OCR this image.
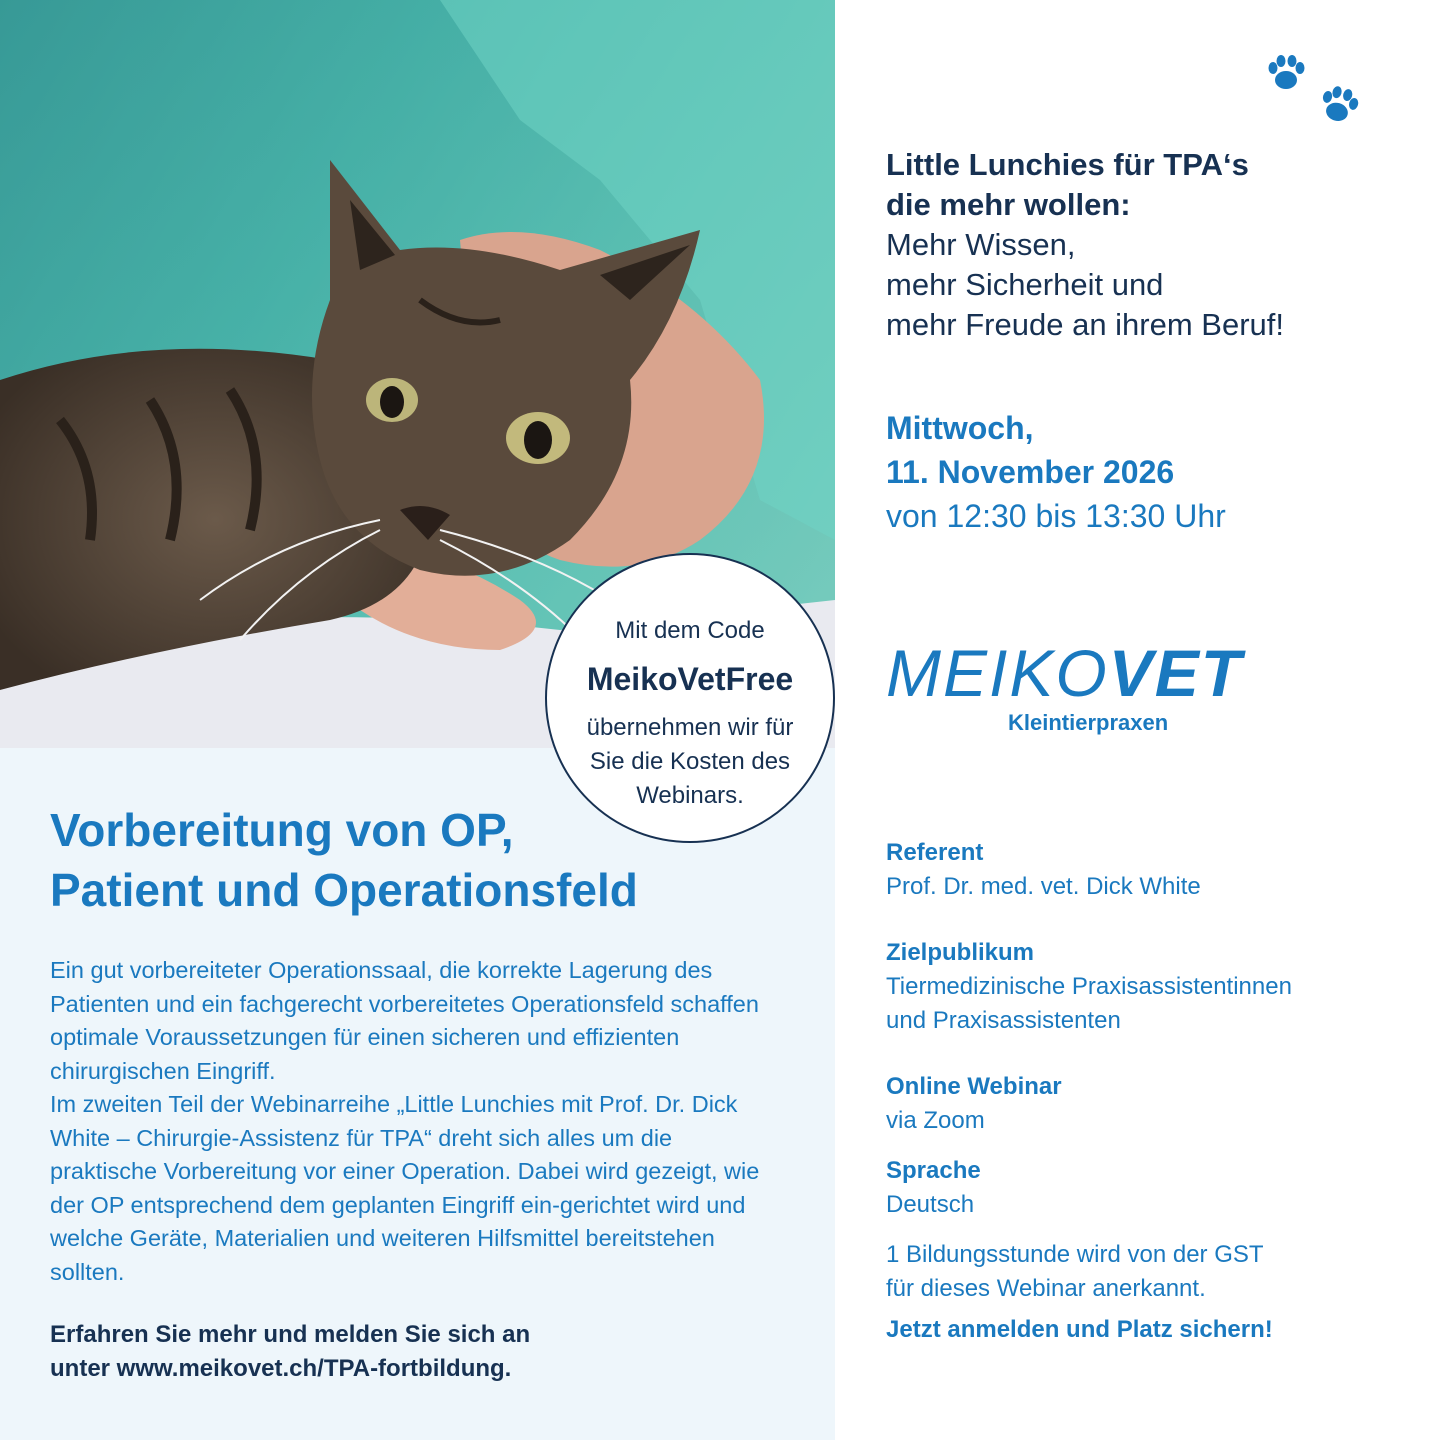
Vorbereitung von OP,
Patient und Operationsfeld
Ein gut vorbereiteter Operationssaal, die korrekte Lagerung des Patienten und ein fachgerecht vorbereitetes Operationsfeld schaffen optimale Voraussetzungen für einen sicheren und effizienten chirurgischen Eingriff.
Im zweiten Teil der Webinarreihe „Little Lunchies mit Prof. Dr. Dick White – Chirurgie-Assistenz für TPA“ dreht sich alles um die praktische Vorbereitung vor einer Operation. Dabei wird gezeigt, wie der OP entsprechend dem geplanten Eingriff ein-gerichtet wird und welche Geräte, Materialien und weiteren Hilfsmittel bereitstehen sollten.
Erfahren Sie mehr und melden Sie sich an
unter www.meikovet.ch/TPA-fortbildung.
Mit dem Code
MeikoVetFree
übernehmen wir für Sie die Kosten des Webinars.
Little Lunchies für TPA‘s
die mehr wollen:
Mehr Wissen,
mehr Sicherheit und
mehr Freude an ihrem Beruf!
Mittwoch,
11. November 2026
von 12:30 bis 13:30 Uhr
MEIKOVET
Kleintierpraxen
Referent
Prof. Dr. med. vet. Dick White
Zielpublikum
Tiermedizinische Praxisassistentinnen
und Praxisassistenten
Online Webinar
via Zoom
Sprache
Deutsch
1 Bildungsstunde wird von der GST
für dieses Webinar anerkannt.
Jetzt anmelden und Platz sichern!
